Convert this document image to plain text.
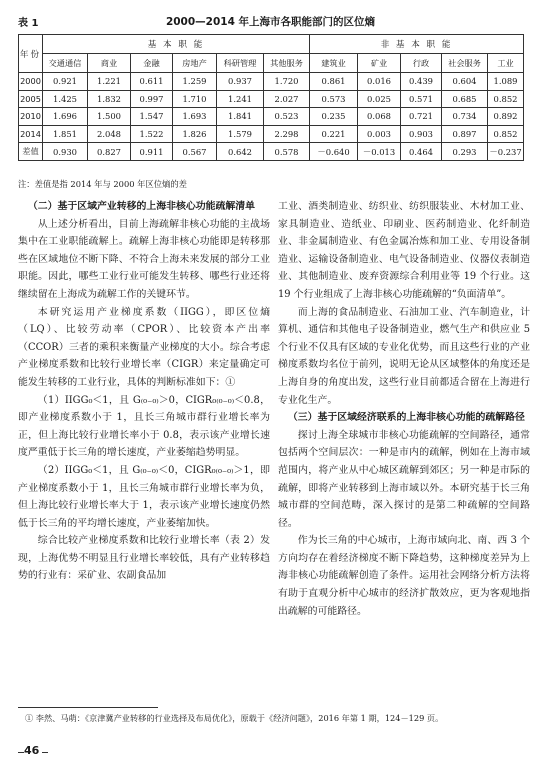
表 1	2000—2014 年上海市各职能部门的区位熵
年份	基 本 职 能						非 基 本 职 能				
	交通通信	商业	金融	房地产	科研管理	其他服务	建筑业	矿业	行政	社会服务	工业
2000	0.921	1.221	0.611	1.259	0.937	1.720	0.861	0.016	0.439	0.604	1.089
2005	1.425	1.832	0.997	1.710	1.241	2.027	0.573	0.025	0.571	0.685	0.852
2010	1.696	1.500	1.547	1.693	1.841	0.523	0.235	0.068	0.721	0.734	0.892
2014	1.851	2.048	1.522	1.826	1.579	2.298	0.221	0.003	0.903	0.897	0.852
差值	0.930	0.827	0.911	0.567	0.642	0.578	－0.640	－0.013	0.464	0.293	－0.237
注：差值是指 2014 年与 2000 年区位熵的差

（二）基于区域产业转移的上海非核心功能疏解清单

从上述分析看出，目前上海疏解非核心功能的主战场集中在工业职能疏解上。疏解上海非核心功能即是转移那些在区域地位不断下降、不符合上海未来发展的部分工业职能。因此，哪些工业行业可能发生转移、哪些行业还将继续留在上海成为疏解工作的关键环节。

本研究运用产业梯度系数（IIGG），即区位熵（LQ）、比较劳动率（CPOR）、比较资本产出率（CCOR）三者的乘积来衡量产业梯度的大小。综合考虑产业梯度系数和比较行业增长率（CIGR）来定量确定可能发生转移的工业行业，具体的判断标准如下：①

（1）IIGG₀＜1，且 G₍₀₋₀₎＞0，CIGR₀₍₀₋₀₎＜0.8，即产业梯度系数小于 1，且长三角城市群行业增长率为正，但上海比较行业增长率小于 0.8，表示该产业增长速度严重低于长三角的增长速度，产业萎缩趋势明显。

（2）IIGG₀＜1，且 G₍₀₋₀₎＜0，CIGR₀₍₀₋₀₎＞1，即产业梯度系数小于 1，且长三角城市群行业增长率为负，但上海比较行业增长率大于 1，表示该产业增长速度仍然低于长三角的平均增长速度，产业萎缩加快。

综合比较产业梯度系数和比较行业增长率（表 2）发现，上海优势不明显且行业增长率较低，具有产业转移趋势的行业有：采矿业、农副食品加

工业、酒类制造业、纺织业、纺织服装业、木材加工业、家具制造业、造纸业、印刷业、医药制造业、化纤制造业、非金属制造业、有色金属冶炼和加工业、专用设备制造业、运输设备制造业、电气设备制造业、仪器仪表制造业、其他制造业、废弃资源综合利用业等 19 个行业。这 19 个行业组成了上海非核心功能疏解的“负面清单”。

而上海的食品制造业、石油加工业、汽车制造业，计算机、通信和其他电子设备制造业，燃气生产和供应业 5 个行业不仅具有区域的专业化优势，而且这些行业的产业梯度系数均名位于前列，说明无论从区域整体的角度还是上海自身的角度出发，这些行业目前都适合留在上海进行专业化生产。

（三）基于区域经济联系的上海非核心功能的疏解路径

探讨上海全球城市非核心功能疏解的空间路径，通常包括两个空间层次：一种是市内的疏解，例如在上海市域范围内，将产业从中心城区疏解到郊区；另一种是市际的疏解，即将产业转移到上海市域以外。本研究基于长三角城市群的空间范畴，深入探讨的是第二种疏解的空间路径。

作为长三角的中心城市，上海市域向北、南、西 3 个方向均存在着经济梯度不断下降趋势，这种梯度差异为上海非核心功能疏解创造了条件。运用社会网络分析方法将有助于直观分析中心城市的经济扩散效应，更为客观地指出疏解的可能路径。

① 李然、马萌：《京津冀产业转移的行业选择及布局优化》，原载于《经济问题》，2016 年第 1 期，124－129 页。
46
